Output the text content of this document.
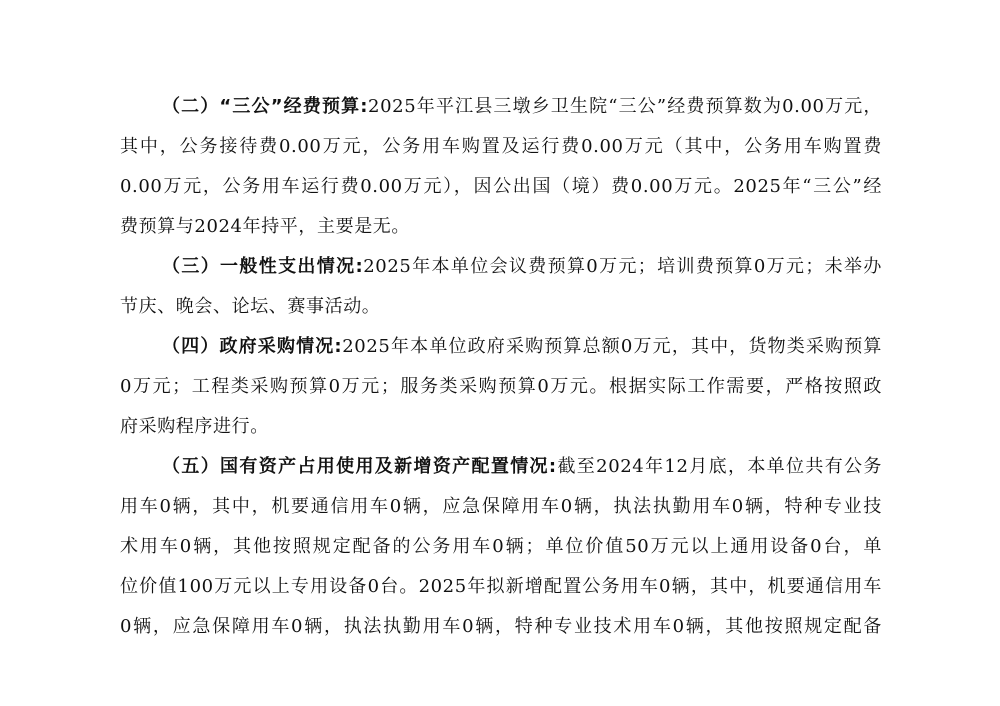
（二）“三公”经费预算:2025年平江县三墩乡卫生院“三公”经费预算数为0.00万元，
其中，公务接待费0.00万元，公务用车购置及运行费0.00万元（其中，公务用车购置费
0.00万元，公务用车运行费0.00万元），因公出国（境）费0.00万元。2025年“三公”经
费预算与2024年持平，主要是无。
（三）一般性支出情况:2025年本单位会议费预算0万元；培训费预算0万元；未举办
节庆、晚会、论坛、赛事活动。
（四）政府采购情况:2025年本单位政府采购预算总额0万元，其中，货物类采购预算
0万元；工程类采购预算0万元；服务类采购预算0万元。根据实际工作需要，严格按照政
府采购程序进行。
（五）国有资产占用使用及新增资产配置情况:截至2024年12月底，本单位共有公务
用车0辆，其中，机要通信用车0辆，应急保障用车0辆，执法执勤用车0辆，特种专业技
术用车0辆，其他按照规定配备的公务用车0辆；单位价值50万元以上通用设备0台，单
位价值100万元以上专用设备0台。2025年拟新增配置公务用车0辆，其中，机要通信用车
0辆，应急保障用车0辆，执法执勤用车0辆，特种专业技术用车0辆，其他按照规定配备
